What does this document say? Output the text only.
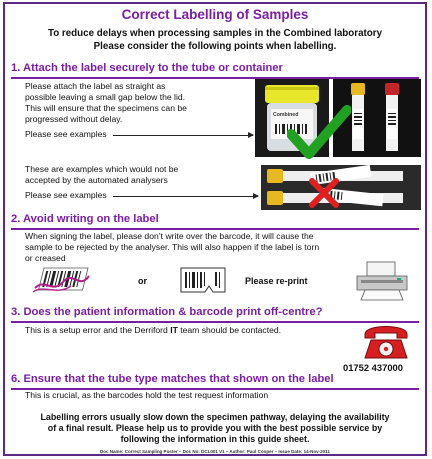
Correct Labelling of Samples
To reduce delays when processing samples in the Combined laboratory
Please consider the following points when labelling.
1. Attach the label securely to the tube or container
Please attach the label as straight as
possible leaving a small gap below the lid.
This will ensure that the specimens can be
progressed without delay.
Please see examples
Combined
These are examples which would not be
accepted by the automated analysers
Please see examples
2. Avoid writing on the label
When signing the label, please don’t write over the barcode, it will cause the
sample to be rejected by the analyser. This will also happen if the label is torn
or creased
or	Please re-print
3. Does the patient information & barcode print off-centre?
This is a setup error and the Derriford IT team should be contacted.
01752 437000
6. Ensure that the tube type matches that shown on the label
This is crucial, as the barcodes hold the test request information
Labelling errors usually slow down the specimen pathway, delaying the availability
of a final result. Please help us to provide you with the best possible service by
following the information in this guide sheet.
Doc Name: Correct Sampling Poster – Doc No: DCL001 V1 – Author: Paul Cooper – Issue Date: 14-Nov-2011
